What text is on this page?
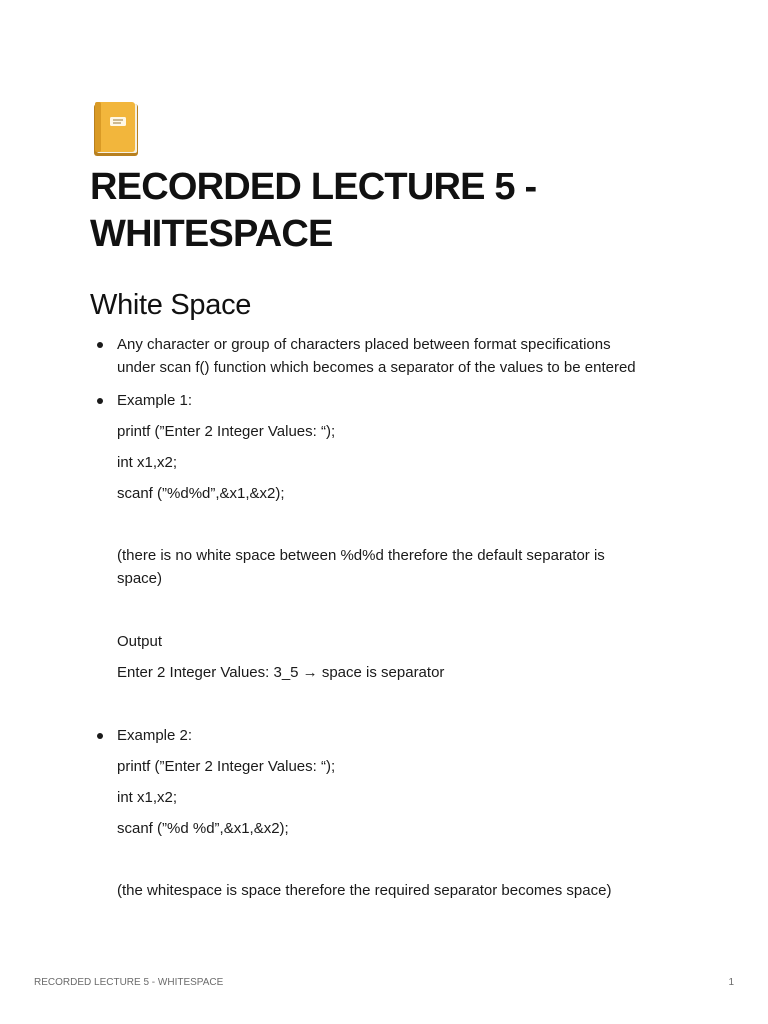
RECORDED LECTURE 5 -
WHITESPACE
White Space

Any character or group of characters placed between format specifications

under scan f() function which becomes a separator of the values to be entered

Example 1:

printf (”Enter 2 Integer Values: “);

int x1,x2;

scanf (”%d%d”,&x1,&x2);

(there is no white space between %d%d therefore the default separator is

space)

Output

Enter 2 Integer Values: 3_5 → space is separator

Example 2:

printf (”Enter 2 Integer Values: “);

int x1,x2;

scanf (”%d %d”,&x1,&x2);

(the whitespace is space therefore the required separator becomes space)

RECORDED LECTURE 5 - WHITESPACE	1
